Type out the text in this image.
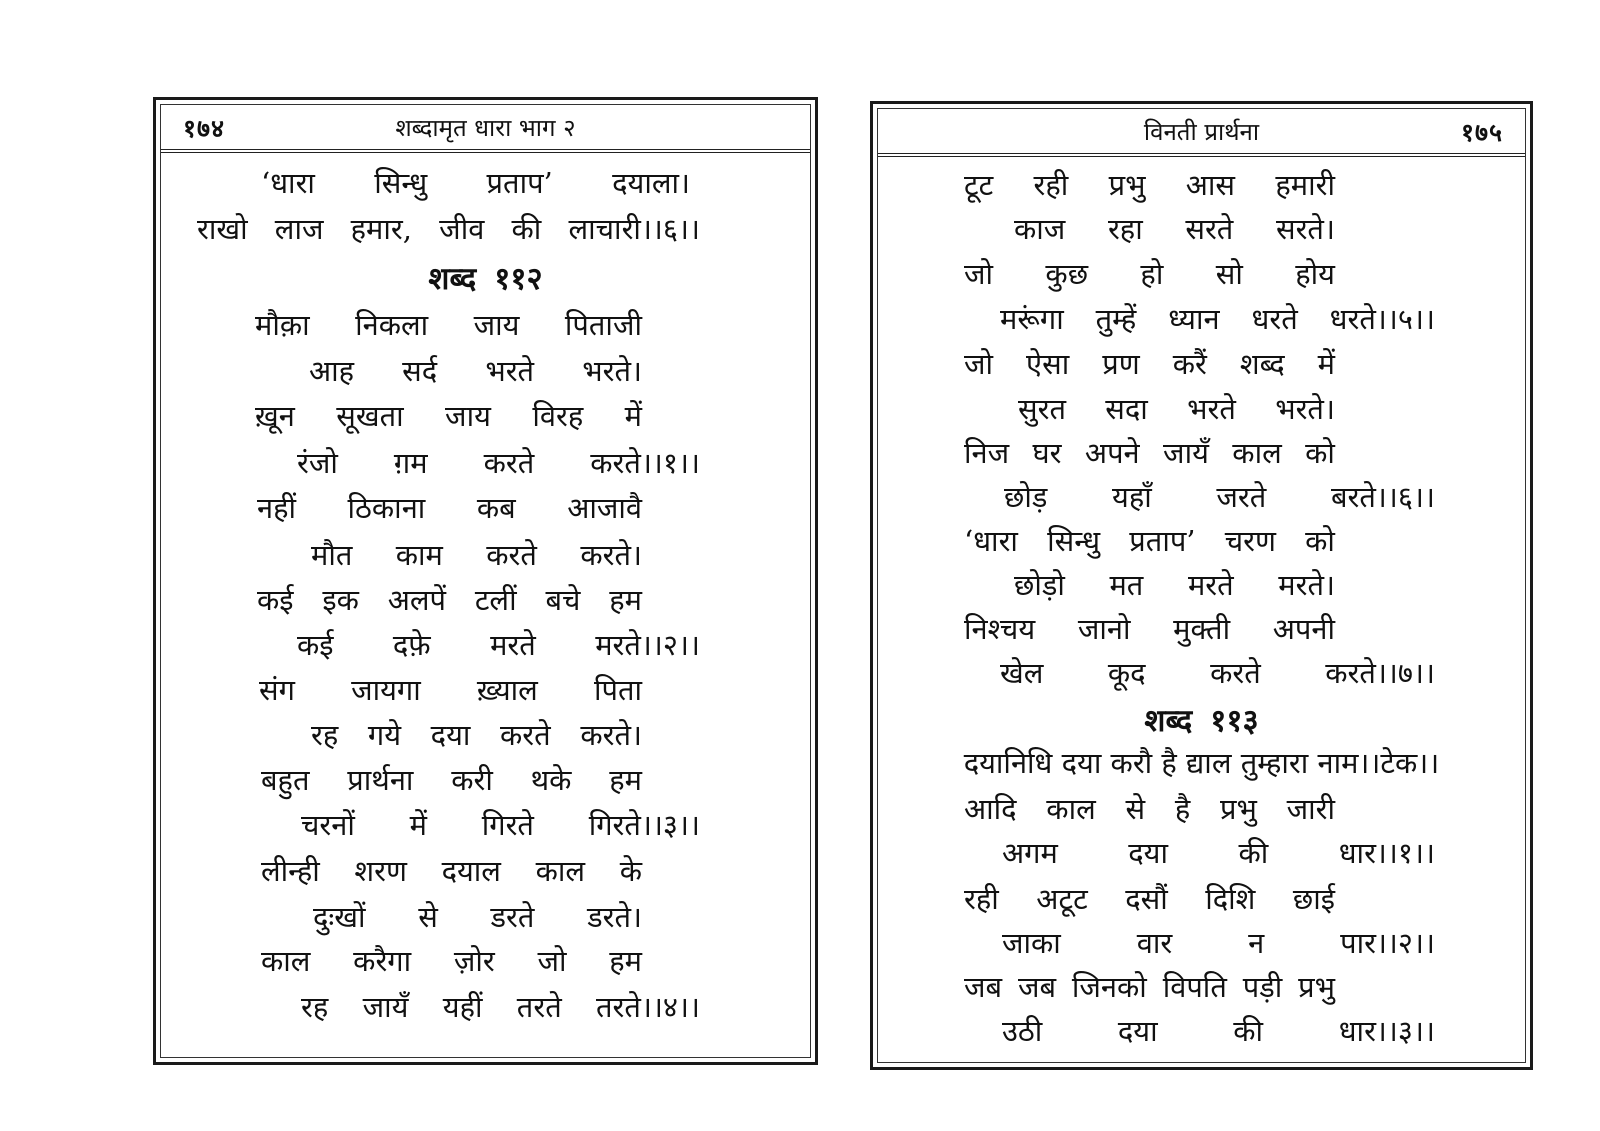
१७४	शब्दामृत धारा भाग २
‘धारा सिन्धु प्रताप’ दयाला।
राखो लाज हमार, जीव की लाचारी।।६।।
शब्द ११२
मौक़ा निकला जाय पिताजी
आह सर्द भरते भरते।
ख़ून सूखता जाय विरह में
रंजो ग़म करते करते।।१।।
नहीं ठिकाना कब आजावै
मौत काम करते करते।
कई इक अलपें टलीं बचे हम
कई दफ़े मरते मरते।।२।।
संग जायगा ख़्याल पिता
रह गये दया करते करते।
बहुत प्रार्थना करी थके हम
चरनों में गिरते गिरते।।३।।
लीन्ही शरण दयाल काल के
दुःखों से डरते डरते।
काल करैगा ज़ोर जो हम
रह जायँ यहीं तरते तरते।।४।।
विनती प्रार्थना	१७५
टूट रही प्रभु आस हमारी
काज रहा सरते सरते।
जो कुछ हो सो होय
मरूंगा तुम्हें ध्यान धरते धरते।।५।।
जो ऐसा प्रण करैं शब्द में
सुरत सदा भरते भरते।
निज घर अपने जायँ काल को
छोड़ यहाँ जरते बरते।।६।।
‘धारा सिन्धु प्रताप’ चरण को
छोड़ो मत मरते मरते।
निश्चय जानो मुक्ती अपनी
खेल कूद करते करते।।७।।
शब्द ११३
दयानिधि दया करौ है द्याल तुम्हारा नाम।।टेक।।
आदि काल से है प्रभु जारी
अगम दया की धार।।१।।
रही अटूट दसौं दिशि छाई
जाका	वार	न	पार।।२।।
जब जब जिनको विपति पड़ी प्रभु
उठी	दया	की	धार।।३।।
